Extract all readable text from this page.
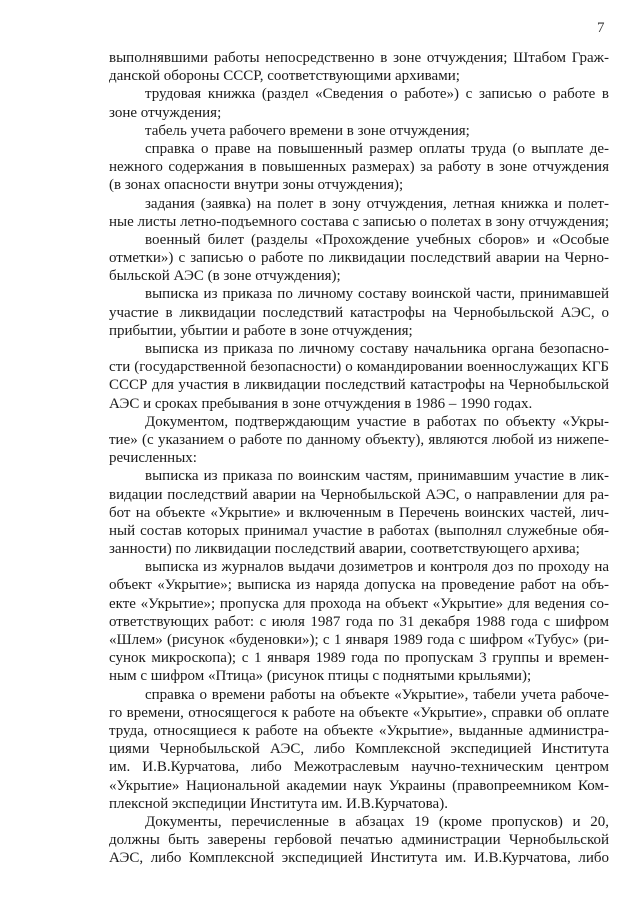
7
выполнявшими работы непосредственно в зоне отчуждения; Штабом Граж-
данской обороны СССР, соответствующими архивами;
трудовая книжка (раздел «Сведения о работе») с записью о работе в
зоне отчуждения;
табель учета рабочего времени в зоне отчуждения;
справка о праве на повышенный размер оплаты труда (о выплате де-
нежного содержания в повышенных размерах) за работу в зоне отчуждения
(в зонах опасности внутри зоны отчуждения);
задания (заявка) на полет в зону отчуждения, летная книжка и полет-
ные листы летно-подъемного состава с записью о полетах в зону отчуждения;
военный билет (разделы «Прохождение учебных сборов» и «Особые
отметки») с записью о работе по ликвидации последствий аварии на Черно-
быльской АЭС (в зоне отчуждения);
выписка из приказа по личному составу воинской части, принимавшей
участие в ликвидации последствий катастрофы на Чернобыльской АЭС, о
прибытии, убытии и работе в зоне отчуждения;
выписка из приказа по личному составу начальника органа безопасно-
сти (государственной безопасности) о командировании военнослужащих КГБ
СССР для участия в ликвидации последствий катастрофы на Чернобыльской
АЭС и сроках пребывания в зоне отчуждения в 1986 – 1990 годах.
Документом, подтверждающим участие в работах по объекту «Укры-
тие» (с указанием о работе по данному объекту), являются любой из нижепе-
речисленных:
выписка из приказа по воинским частям, принимавшим участие в лик-
видации последствий аварии на Чернобыльской АЭС, о направлении для ра-
бот на объекте «Укрытие» и включенным в Перечень воинских частей, лич-
ный состав которых принимал участие в работах (выполнял служебные обя-
занности) по ликвидации последствий аварии, соответствующего архива;
выписка из журналов выдачи дозиметров и контроля доз по проходу на
объект «Укрытие»; выписка из наряда допуска на проведение работ на объ-
екте «Укрытие»; пропуска для прохода на объект «Укрытие» для ведения со-
ответствующих работ: с июля 1987 года по 31 декабря 1988 года с шифром
«Шлем» (рисунок «буденовки»); с 1 января 1989 года с шифром «Тубус» (ри-
сунок микроскопа); с 1 января 1989 года по пропускам 3 группы и времен-
ным с шифром «Птица» (рисунок птицы с поднятыми крыльями);
справка о времени работы на объекте «Укрытие», табели учета рабоче-
го времени, относящегося к работе на объекте «Укрытие», справки об оплате
труда, относящиеся к работе на объекте «Укрытие», выданные администра-
циями Чернобыльской АЭС, либо Комплексной экспедицией Института
им. И.В.Курчатова, либо Межотраслевым научно-техническим центром
«Укрытие» Национальной академии наук Украины (правопреемником Ком-
плексной экспедиции Института им. И.В.Курчатова).
Документы, перечисленные в абзацах 19 (кроме пропусков) и 20,
должны быть заверены гербовой печатью администрации Чернобыльской
АЭС, либо Комплексной экспедицией Института им. И.В.Курчатова, либо
